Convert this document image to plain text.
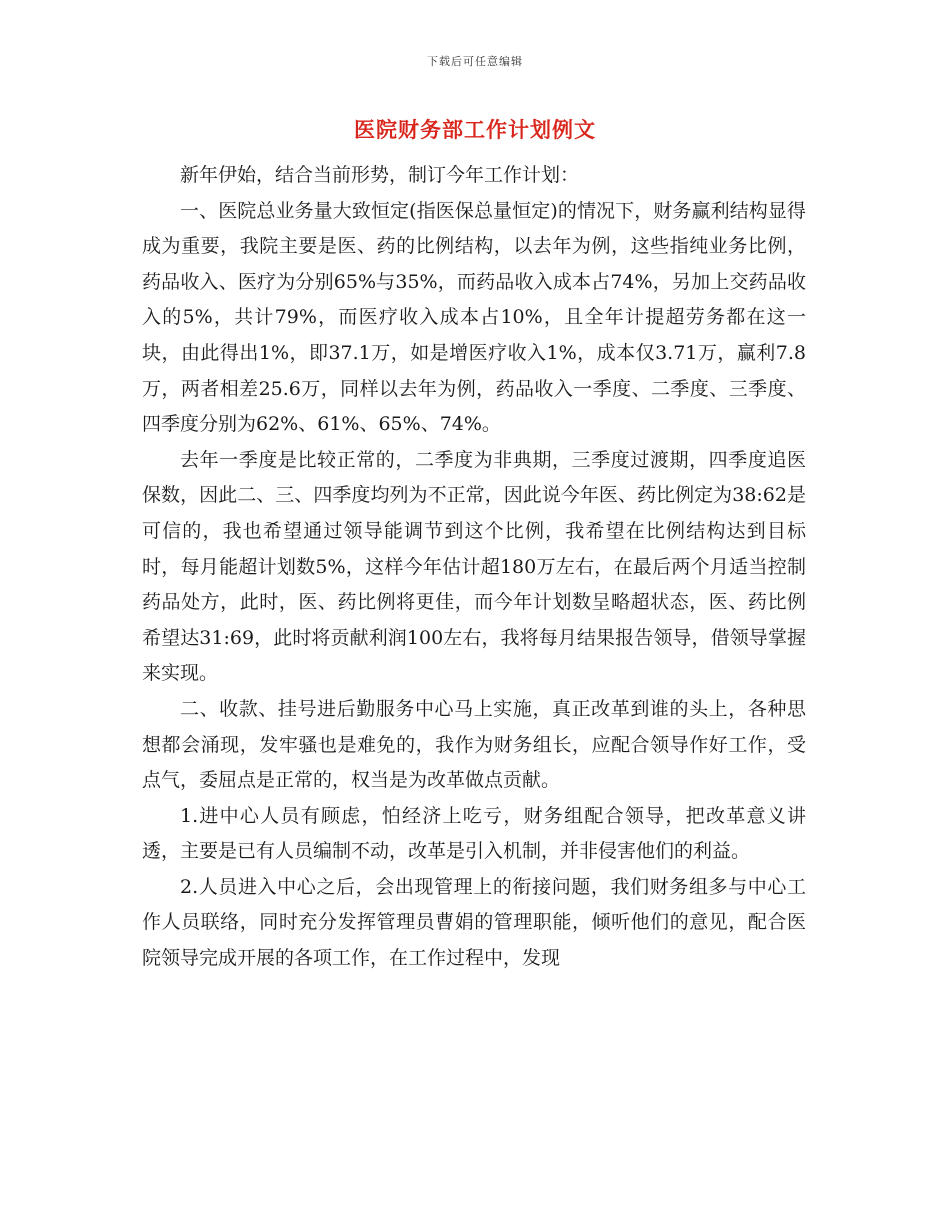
下载后可任意编辑
医院财务部工作计划例文

新年伊始，结合当前形势，制订今年工作计划：

一、医院总业务量大致恒定(指医保总量恒定)的情况下，财务赢利结构显得成为重要，我院主要是医、药的比例结构，以去年为例，这些指纯业务比例，药品收入、医疗为分别65%与35%，而药品收入成本占74%，另加上交药品收入的5%，共计79%，而医疗收入成本占10%，且全年计提超劳务都在这一块，由此得出1%，即37.1万，如是增医疗收入1%，成本仅3.71万，赢利7.8万，两者相差25.6万，同样以去年为例，药品收入一季度、二季度、三季度、四季度分别为62%、61%、65%、74%。

去年一季度是比较正常的，二季度为非典期，三季度过渡期，四季度追医保数，因此二、三、四季度均列为不正常，因此说今年医、药比例定为38:62是可信的，我也希望通过领导能调节到这个比例，我希望在比例结构达到目标时，每月能超计划数5%，这样今年估计超180万左右，在最后两个月适当控制药品处方，此时，医、药比例将更佳，而今年计划数呈略超状态，医、药比例希望达31:69，此时将贡献利润100左右，我将每月结果报告领导，借领导掌握来实现。

二、收款、挂号进后勤服务中心马上实施，真正改革到谁的头上，各种思想都会涌现，发牢骚也是难免的，我作为财务组长，应配合领导作好工作，受点气，委屈点是正常的，权当是为改革做点贡献。

1.进中心人员有顾虑，怕经济上吃亏，财务组配合领导，把改革意义讲透，主要是已有人员编制不动，改革是引入机制，并非侵害他们的利益。

2.人员进入中心之后，会出现管理上的衔接问题，我们财务组多与中心工作人员联络，同时充分发挥管理员曹娟的管理职能，倾听他们的意见，配合医院领导完成开展的各项工作，在工作过程中，发现
